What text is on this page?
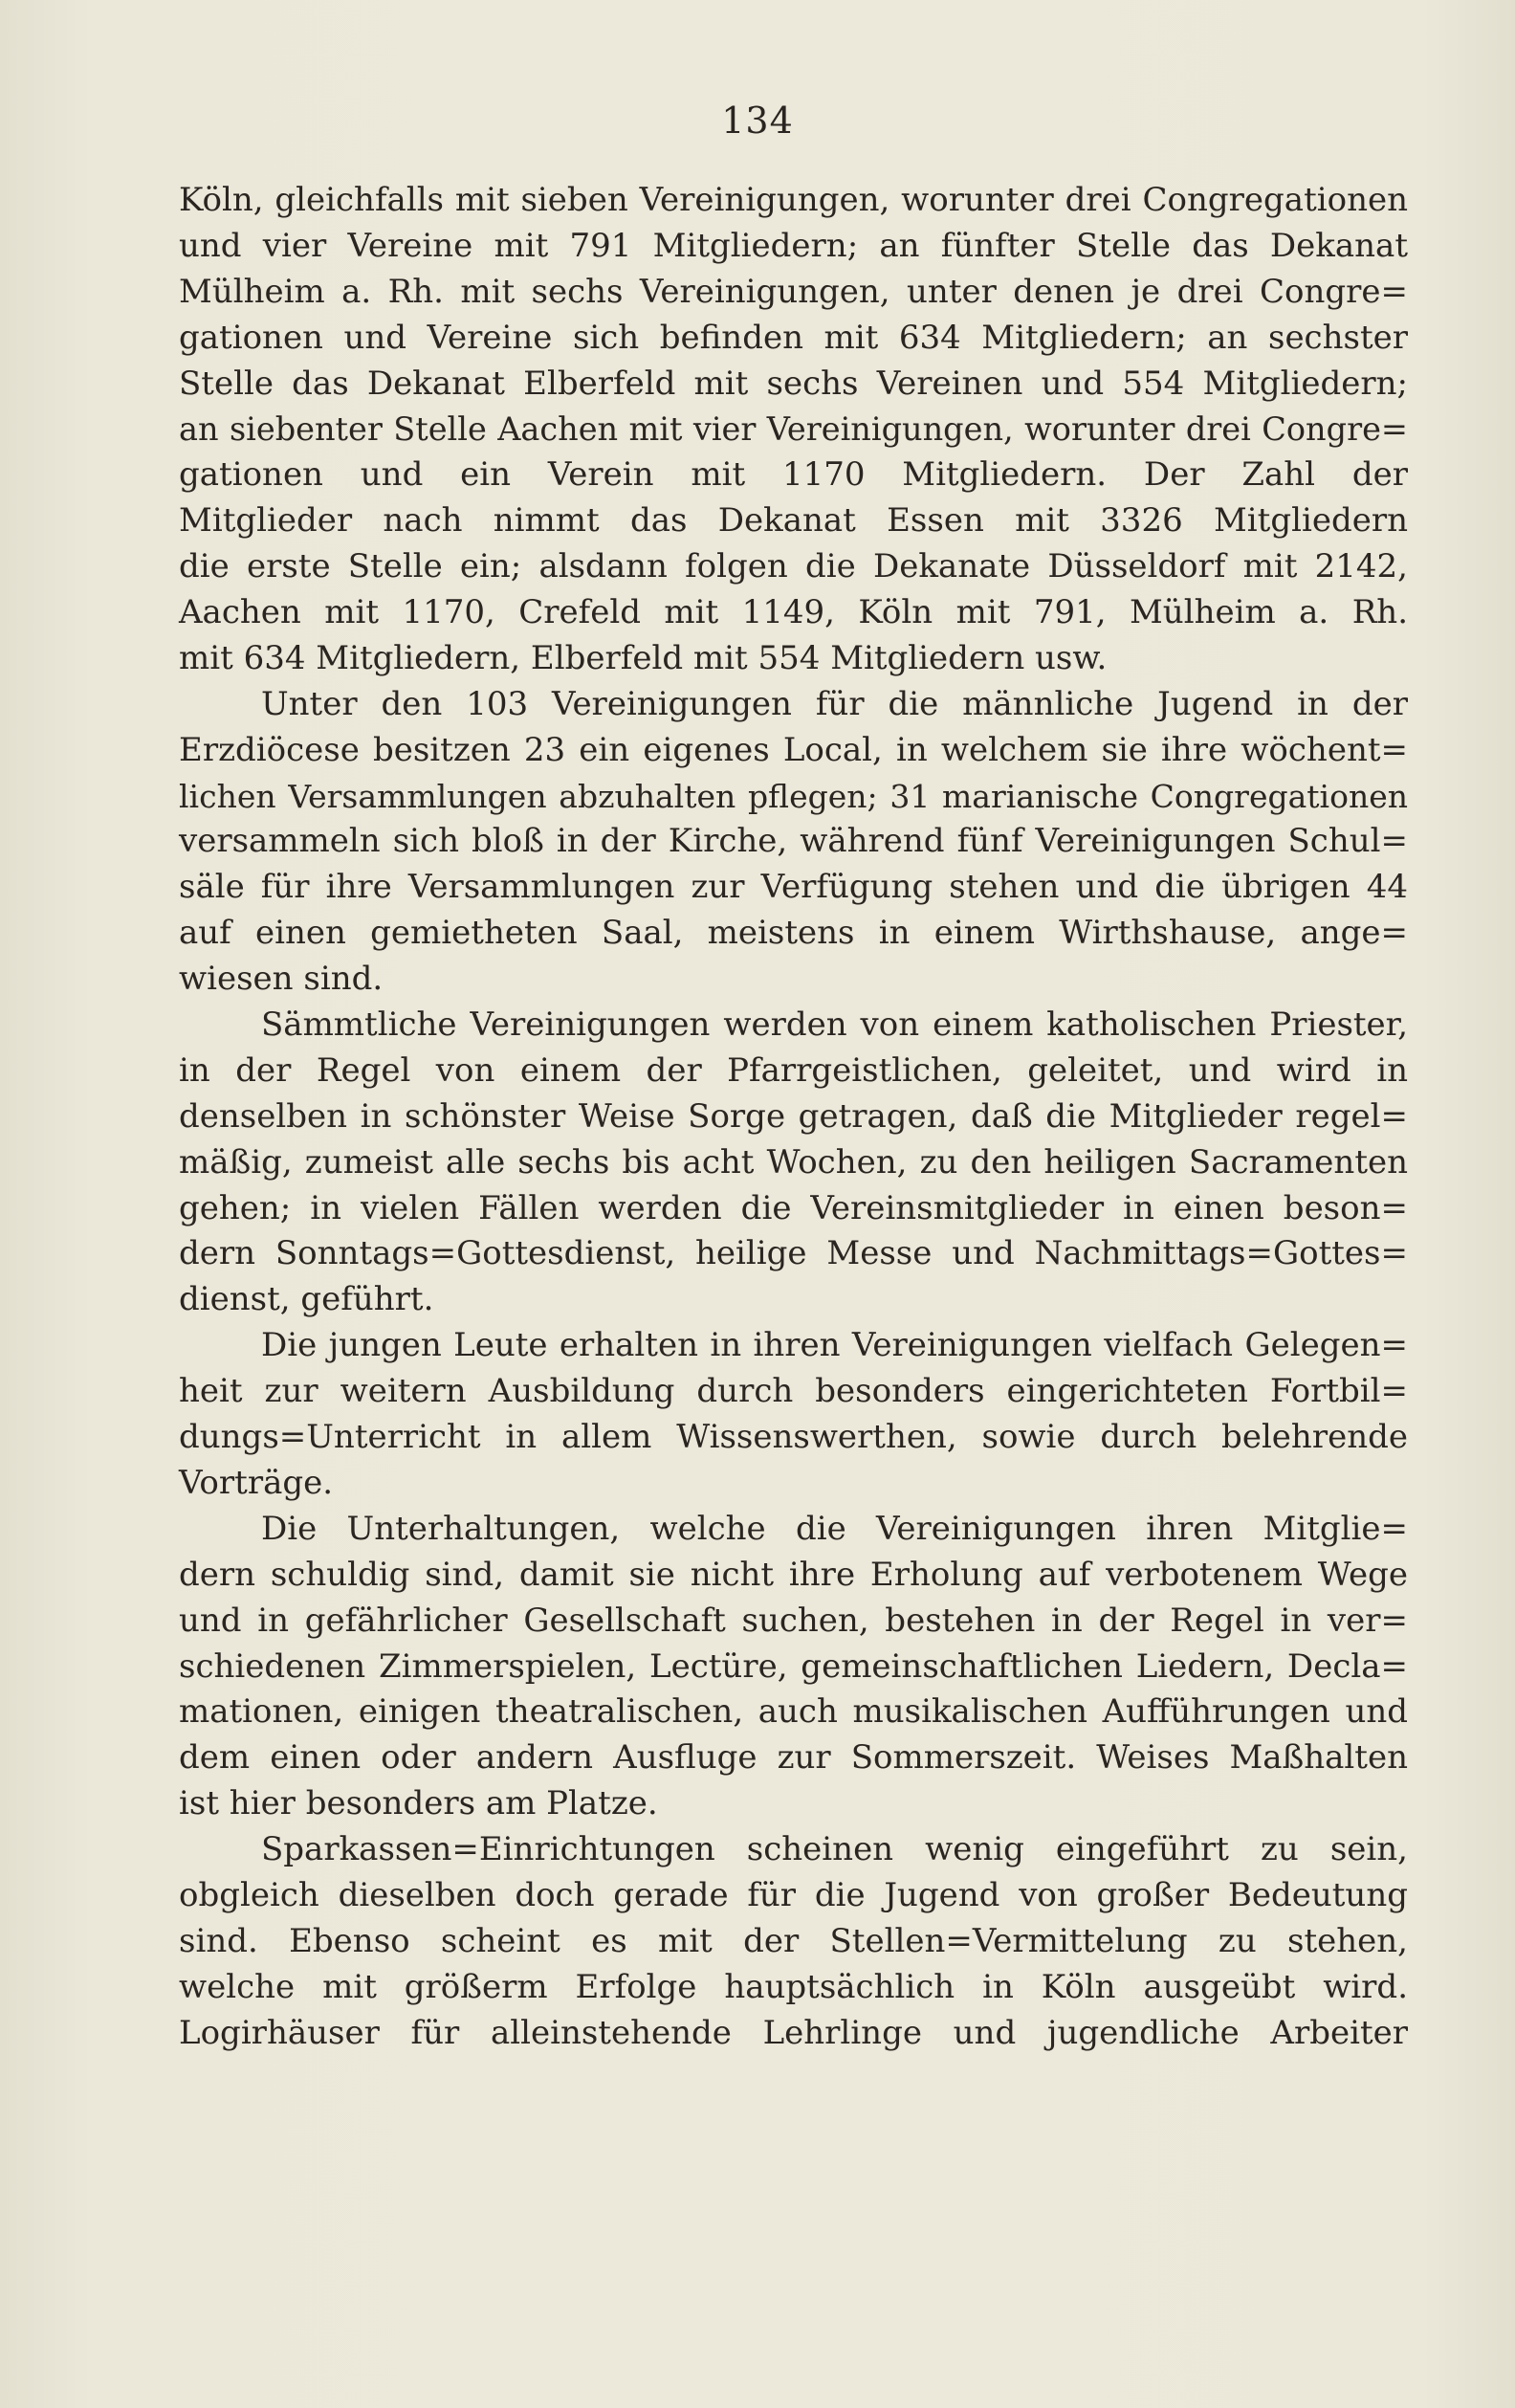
134
Köln, gleichfalls mit sieben Vereinigungen, worunter drei Congregationen
und vier Vereine mit 791 Mitgliedern; an fünfter Stelle das Dekanat
Mülheim a. Rh. mit sechs Vereinigungen, unter denen je drei Congre=
gationen und Vereine sich befinden mit 634 Mitgliedern; an sechster
Stelle das Dekanat Elberfeld mit sechs Vereinen und 554 Mitgliedern;
an siebenter Stelle Aachen mit vier Vereinigungen, worunter drei Congre=
gationen und ein Verein mit 1170 Mitgliedern. Der Zahl der
Mitglieder nach nimmt das Dekanat Essen mit 3326 Mitgliedern
die erste Stelle ein; alsdann folgen die Dekanate Düsseldorf mit 2142,
Aachen mit 1170, Crefeld mit 1149, Köln mit 791, Mülheim a. Rh.
mit 634 Mitgliedern, Elberfeld mit 554 Mitgliedern usw.
Unter den 103 Vereinigungen für die männliche Jugend in der
Erzdiöcese besitzen 23 ein eigenes Local, in welchem sie ihre wöchent=
lichen Versammlungen abzuhalten pflegen; 31 marianische Congregationen
versammeln sich bloß in der Kirche, während fünf Vereinigungen Schul=
säle für ihre Versammlungen zur Verfügung stehen und die übrigen 44
auf einen gemietheten Saal, meistens in einem Wirthshause, ange=
wiesen sind.
Sämmtliche Vereinigungen werden von einem katholischen Priester,
in der Regel von einem der Pfarrgeistlichen, geleitet, und wird in
denselben in schönster Weise Sorge getragen, daß die Mitglieder regel=
mäßig, zumeist alle sechs bis acht Wochen, zu den heiligen Sacramenten
gehen; in vielen Fällen werden die Vereinsmitglieder in einen beson=
dern Sonntags=Gottesdienst, heilige Messe und Nachmittags=Gottes=
dienst, geführt.
Die jungen Leute erhalten in ihren Vereinigungen vielfach Gelegen=
heit zur weitern Ausbildung durch besonders eingerichteten Fortbil=
dungs=Unterricht in allem Wissenswerthen, sowie durch belehrende
Vorträge.
Die Unterhaltungen, welche die Vereinigungen ihren Mitglie=
dern schuldig sind, damit sie nicht ihre Erholung auf verbotenem Wege
und in gefährlicher Gesellschaft suchen, bestehen in der Regel in ver=
schiedenen Zimmerspielen, Lectüre, gemeinschaftlichen Liedern, Decla=
mationen, einigen theatralischen, auch musikalischen Aufführungen und
dem einen oder andern Ausfluge zur Sommerszeit. Weises Maßhalten
ist hier besonders am Platze.
Sparkassen=Einrichtungen scheinen wenig eingeführt zu sein,
obgleich dieselben doch gerade für die Jugend von großer Bedeutung
sind. Ebenso scheint es mit der Stellen=Vermittelung zu stehen,
welche mit größerm Erfolge hauptsächlich in Köln ausgeübt wird.
Logirhäuser für alleinstehende Lehrlinge und jugendliche Arbeiter
